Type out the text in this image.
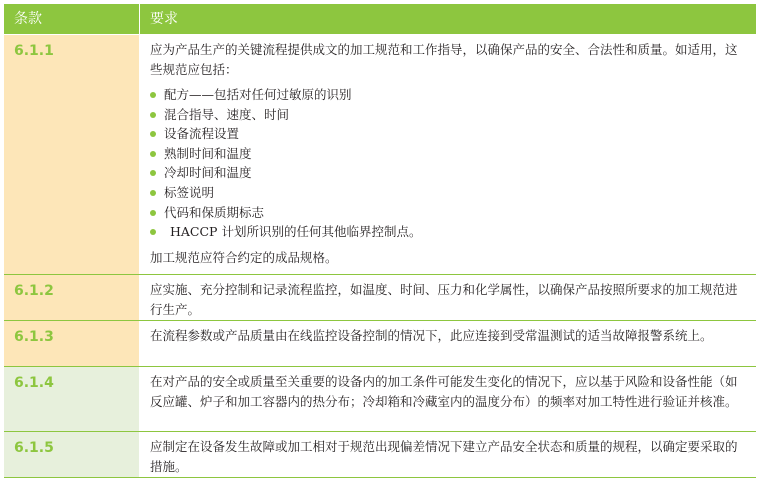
条款	要求
6.1.1	应为产品生产的关键流程提供成文的加工规范和工作指导，以确保产品的安全、合法性和质量。如适用，这些规范应包括：

配方——包括对任何过敏原的识别
混合指导、速度、时间
设备流程设置
熟制时间和温度
冷却时间和温度
标签说明
代码和保质期标志
HACCP 计划所识别的任何其他临界控制点。

加工规范应符合约定的成品规格。

6.1.2	应实施、充分控制和记录流程监控，如温度、时间、压力和化学属性，以确保产品按照所要求的加工规范进行生产。
6.1.3	在流程参数或产品质量由在线监控设备控制的情况下，此应连接到受常温测试的适当故障报警系统上。
6.1.4	在对产品的安全或质量至关重要的设备内的加工条件可能发生变化的情况下，应以基于风险和设备性能（如反应罐、炉子和加工容器内的热分布；冷却箱和冷藏室内的温度分布）的频率对加工特性进行验证并核准。
6.1.5	应制定在设备发生故障或加工相对于规范出现偏差情况下建立产品安全状态和质量的规程，以确定要采取的措施。
